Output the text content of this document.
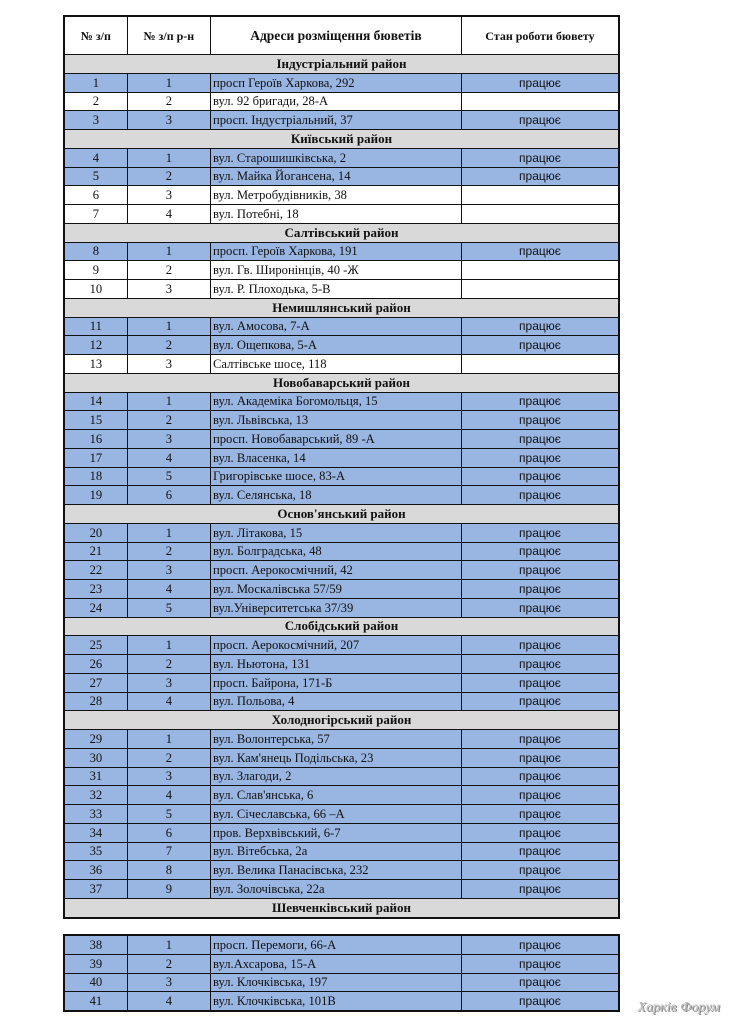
№ з/п	№ з/п р-н	Адреси розміщення бюветів	Стан роботи бювету
Індустріальний район			
1	1	просп Героїв Харкова, 292	працює
2	2	вул. 92 бригади, 28-А	
3	3	просп. Індустріальний, 37	працює
Київський район			
4	1	вул. Старошишківська, 2	працює
5	2	вул. Майка Йогансена, 14	працює
6	3	вул. Метробудівників, 38	
7	4	вул. Потебні, 18	
Салтівський район			
8	1	просп. Героїв Харкова, 191	працює
9	2	вул. Гв. Широнінців, 40 -Ж	
10	3	вул. Р. Плоходька, 5-В	
Немишлянський район			
11	1	вул. Амосова, 7-А	працює
12	2	вул. Ощепкова, 5-А	працює
13	3	Салтівське шосе, 118	
Новобаварський район			
14	1	вул. Академіка Богомольця, 15	працює
15	2	вул. Львівська, 13	працює
16	3	просп. Новобаварський, 89 -А	працює
17	4	вул. Власенка, 14	працює
18	5	Григорівське шосе, 83-А	працює
19	6	вул. Селянська, 18	працює
Основ'янський район			
20	1	вул. Літакова, 15	працює
21	2	вул. Болградська, 48	працює
22	3	просп. Аерокосмічний, 42	працює
23	4	вул. Москалівська 57/59	працює
24	5	вул.Університетська 37/39	працює
Слобідський район			
25	1	просп. Аерокосмічний, 207	працює
26	2	вул. Ньютона, 131	працює
27	3	просп. Байрона, 171-Б	працює
28	4	вул. Польова, 4	працює
Холодногірський район			
29	1	вул. Волонтерська, 57	працює
30	2	вул. Кам'янець Подільська, 23	працює
31	3	вул. Злагоди, 2	працює
32	4	вул. Слав'янська, 6	працює
33	5	вул. Січеславська, 66 –А	працює
34	6	пров. Верхвівський, 6-7	працює
35	7	вул. Вітебська, 2а	працює
36	8	вул. Велика Панасівська, 232	працює
37	9	вул. Золочівська, 22а	працює
Шевченківський район			
38	1	просп. Перемоги, 66-А	працює
39	2	вул.Ахсарова, 15-А	працює
40	3	вул. Клочківська, 197	працює
41	4	вул. Клочківська, 101В	працює	Харків Форум
